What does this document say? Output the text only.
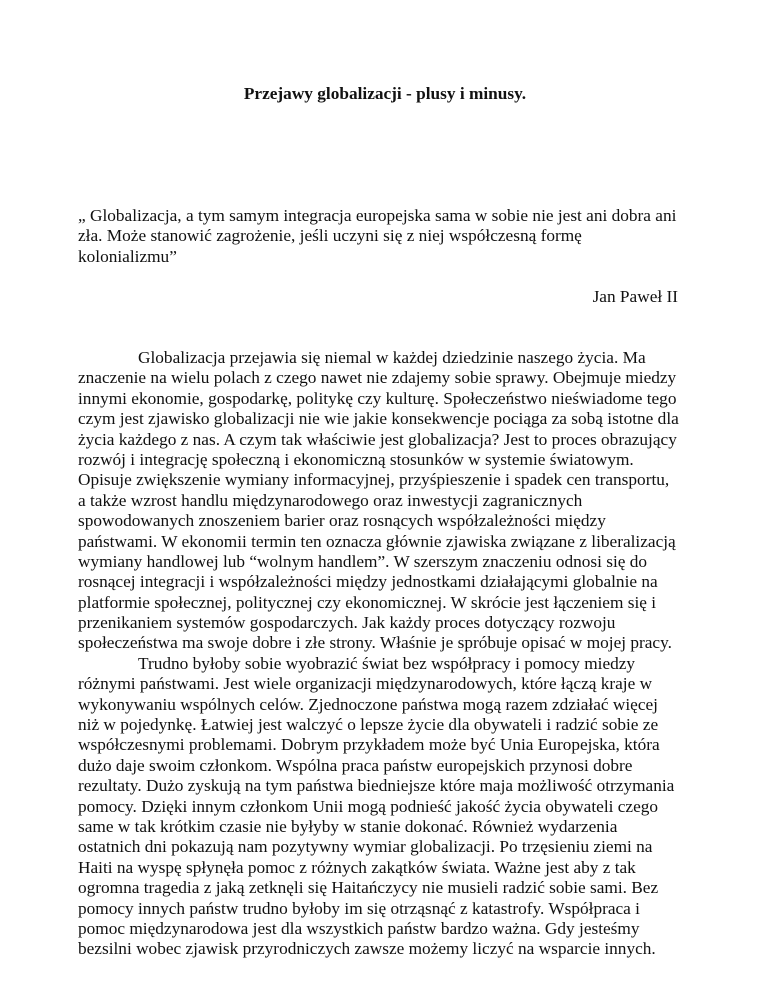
Przejawy globalizacji - plusy i minusy.
„ Globalizacja, a tym samym integracja europejska sama w sobie nie jest ani dobra ani
zła. Może stanowić zagrożenie, jeśli uczyni się z niej współczesną formę
kolonializmu”

Jan Paweł II

Globalizacja przejawia się niemal w każdej dziedzinie naszego życia. Ma
znaczenie na wielu polach z czego nawet nie zdajemy sobie sprawy. Obejmuje miedzy
innymi ekonomie, gospodarkę, politykę czy kulturę. Społeczeństwo nieświadome tego
czym jest zjawisko globalizacji nie wie jakie konsekwencje pociąga za sobą istotne dla
życia każdego z nas. A czym tak właściwie jest globalizacja? Jest to proces obrazujący
rozwój i integrację społeczną i ekonomiczną stosunków w systemie światowym.
Opisuje zwiększenie wymiany informacyjnej, przyśpieszenie i spadek cen transportu,
a także wzrost handlu międzynarodowego oraz inwestycji zagranicznych
spowodowanych znoszeniem barier oraz rosnących współzależności między
państwami. W ekonomii termin ten oznacza głównie zjawiska związane z liberalizacją
wymiany handlowej lub “wolnym handlem”. W szerszym znaczeniu odnosi się do
rosnącej integracji i współzależności między jednostkami działającymi globalnie na
platformie społecznej, politycznej czy ekonomicznej. W skrócie jest łączeniem się i
przenikaniem systemów gospodarczych. Jak każdy proces dotyczący rozwoju
społeczeństwa ma swoje dobre i złe strony. Właśnie je spróbuje opisać w mojej pracy.
Trudno byłoby sobie wyobrazić świat bez współpracy i pomocy miedzy
różnymi państwami. Jest wiele organizacji międzynarodowych, które łączą kraje w
wykonywaniu wspólnych celów. Zjednoczone państwa mogą razem zdziałać więcej
niż w pojedynkę. Łatwiej jest walczyć o lepsze życie dla obywateli i radzić sobie ze
współczesnymi problemami. Dobrym przykładem może być Unia Europejska, która
dużo daje swoim członkom. Wspólna praca państw europejskich przynosi dobre
rezultaty. Dużo zyskują na tym państwa biedniejsze które maja możliwość otrzymania
pomocy. Dzięki innym członkom Unii mogą podnieść jakość życia obywateli czego
same w tak krótkim czasie nie byłyby w stanie dokonać. Również wydarzenia
ostatnich dni pokazują nam pozytywny wymiar globalizacji. Po trzęsieniu ziemi na
Haiti na wyspę spłynęła pomoc z różnych zakątków świata. Ważne jest aby z tak
ogromna tragedia z jaką zetknęli się Haitańczycy nie musieli radzić sobie sami. Bez
pomocy innych państw trudno byłoby im się otrząsnąć z katastrofy. Współpraca i
pomoc międzynarodowa jest dla wszystkich państw bardzo ważna. Gdy jesteśmy
bezsilni wobec zjawisk przyrodniczych zawsze możemy liczyć na wsparcie innych.
